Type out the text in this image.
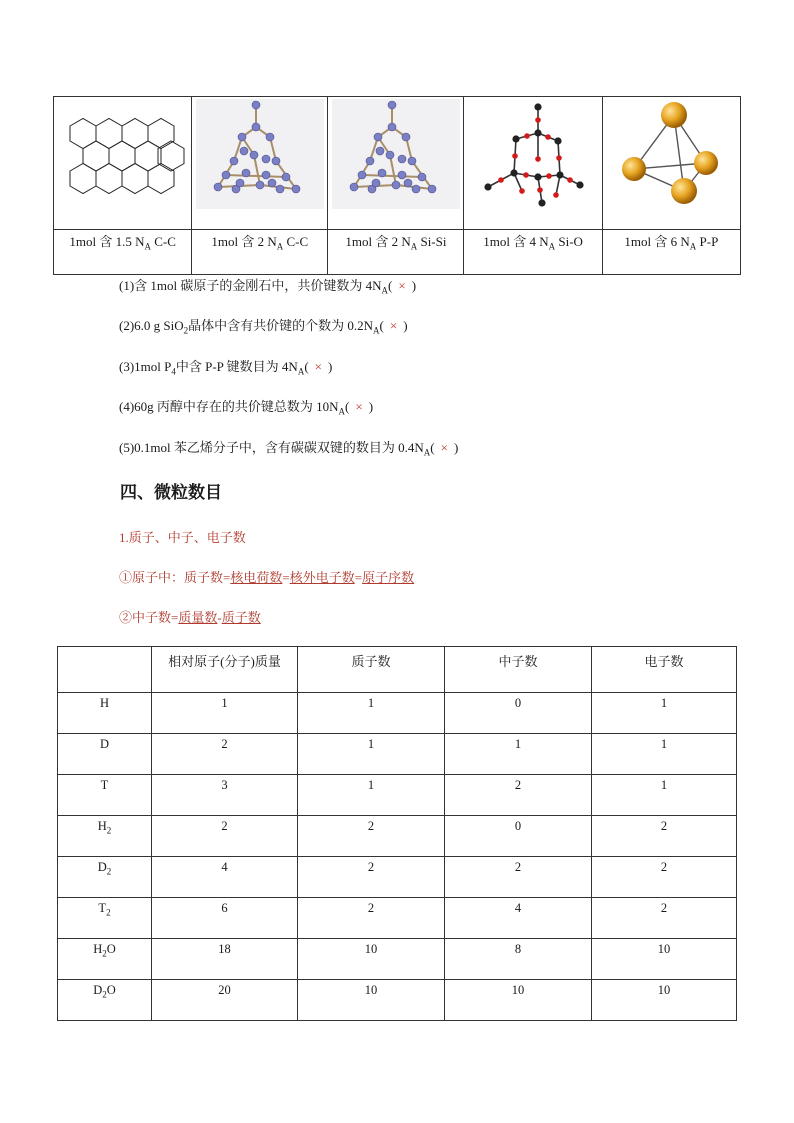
1mol 含 1.5 $N_A$ C-C	1mol 含 2 $N_A$ C-C	1mol 含 2 $N_A$ Si-Si	1mol 含 4 $N_A$ Si-O	1mol 含 6 $N_A$ P-P
(1)含 1mol 碳原子的金刚石中，共价键数为 $4N_A$( × )
(2)6.0 g SiO$_2$晶体中含有共价键的个数为 $0.2N_A$( × )
(3)1mol $P_4$中含 P-P 键数目为 $4N_A$( × )
(4)60g 丙醇中存在的共价键总数为 $10N_A$( × )
(5)0.1mol 苯乙烯分子中，含有碳碳双键的数目为 $0.4N_A$( × )
四、微粒数目
1.质子、中子、电子数
①原子中：质子数=核电荷数=核外电子数=原子序数
②中子数=质量数-质子数
	相对原子(分子)质量	质子数	中子数	电子数
H	1	1	0	1
D	2	1	1	1
T	3	1	2	1
$H_2$	2	2	0	2
$D_2$	4	2	2	2
$T_2$	6	2	4	2
$H_2O$	18	10	8	10
$D_2O$	20	10	10	10
